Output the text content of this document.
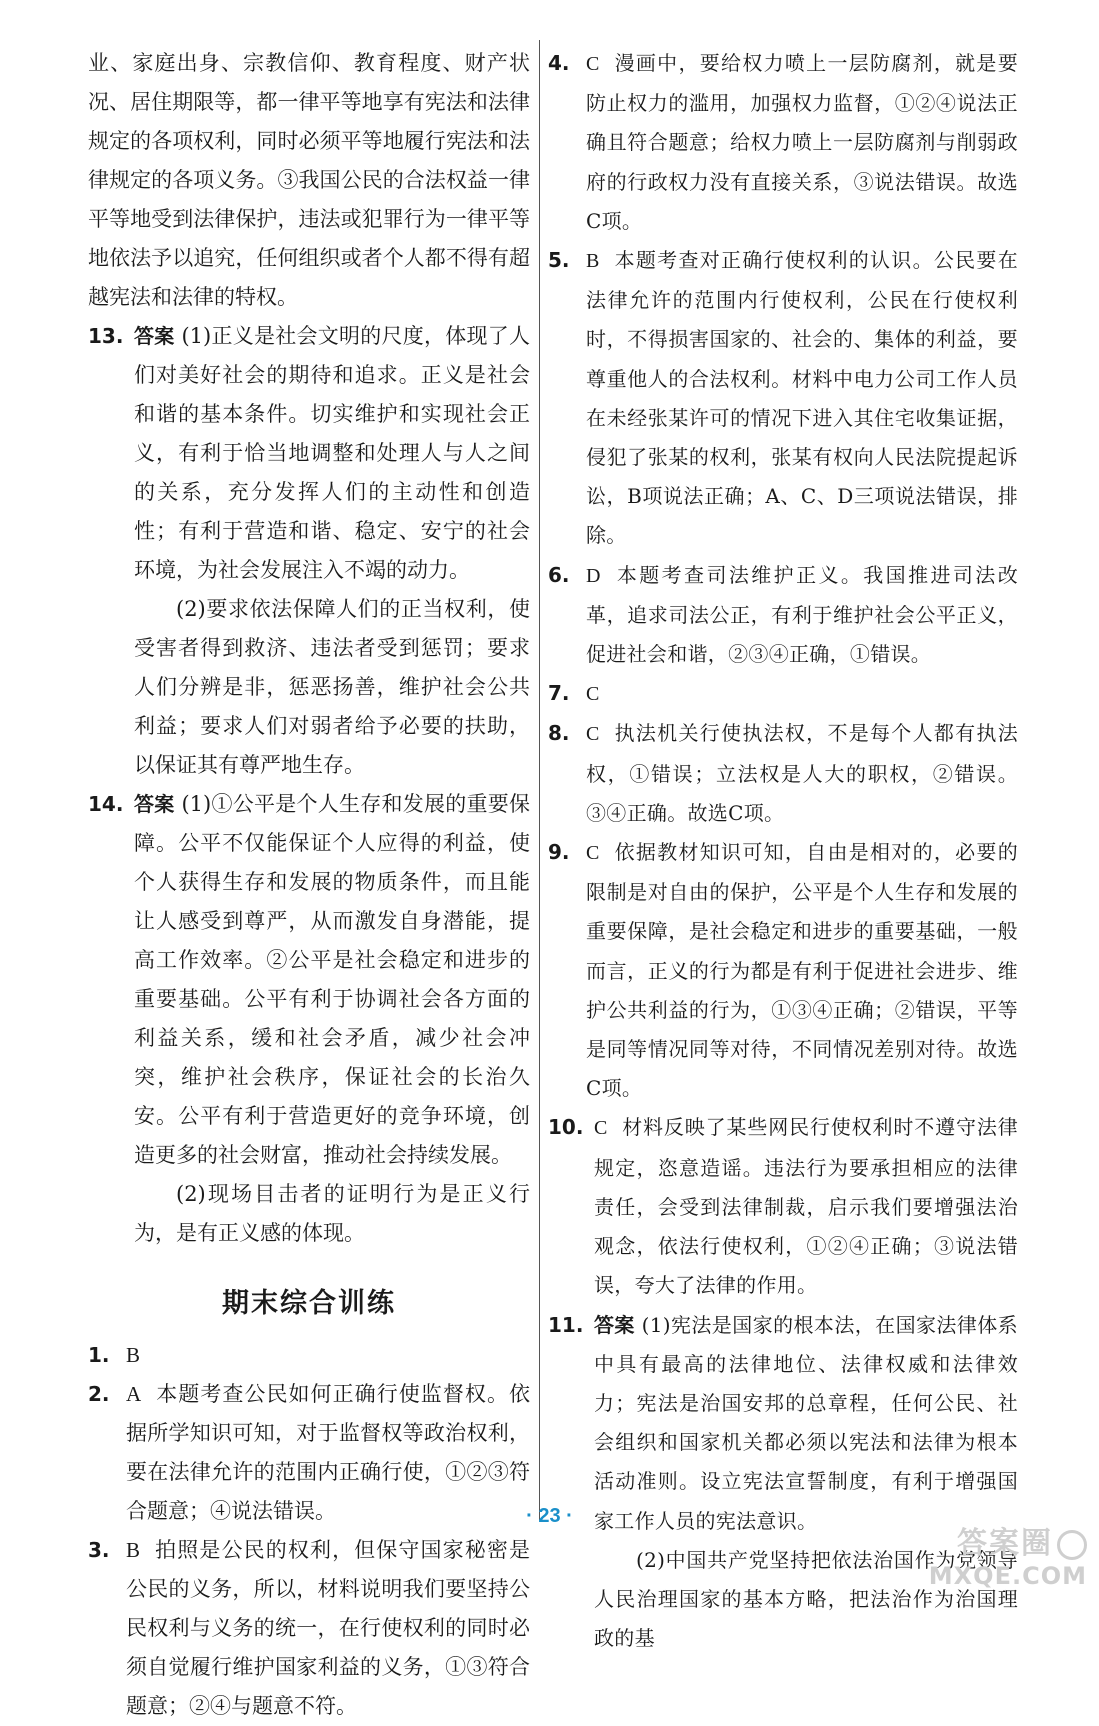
业、家庭出身、宗教信仰、教育程度、财产状况、居住期限等，都一律平等地享有宪法和法律规定的各项权利，同时必须平等地履行宪法和法律规定的各项义务。③我国公民的合法权益一律平等地受到法律保护，违法或犯罪行为一律平等地依法予以追究，任何组织或者个人都不得有超越宪法和法律的特权。

13. 答案 (1)正义是社会文明的尺度，体现了人们对美好社会的期待和追求。正义是社会和谐的基本条件。切实维护和实现社会正义，有利于恰当地调整和处理人与人之间的关系，充分发挥人们的主动性和创造性；有利于营造和谐、稳定、安宁的社会环境，为社会发展注入不竭的动力。

(2)要求依法保障人们的正当权利，使受害者得到救济、违法者受到惩罚；要求人们分辨是非，惩恶扬善，维护社会公共利益；要求人们对弱者给予必要的扶助，以保证其有尊严地生存。

14. 答案 (1)①公平是个人生存和发展的重要保障。公平不仅能保证个人应得的利益，使个人获得生存和发展的物质条件，而且能让人感受到尊严，从而激发自身潜能，提高工作效率。②公平是社会稳定和进步的重要基础。公平有利于协调社会各方面的利益关系，缓和社会矛盾，减少社会冲突，维护社会秩序，保证社会的长治久安。公平有利于营造更好的竞争环境，创造更多的社会财富，推动社会持续发展。

(2)现场目击者的证明行为是正义行为，是有正义感的体现。

期末综合训练
1. B

2. A 本题考查公民如何正确行使监督权。依据所学知识可知，对于监督权等政治权利，要在法律允许的范围内正确行使，①②③符合题意；④说法错误。

3. B 拍照是公民的权利，但保守国家秘密是公民的义务，所以，材料说明我们要坚持公民权利与义务的统一，在行使权利的同时必须自觉履行维护国家利益的义务，①③符合题意；②④与题意不符。

4. C 漫画中，要给权力喷上一层防腐剂，就是要防止权力的滥用，加强权力监督，①②④说法正确且符合题意；给权力喷上一层防腐剂与削弱政府的行政权力没有直接关系，③说法错误。故选C项。

5. B 本题考查对正确行使权利的认识。公民要在法律允许的范围内行使权利，公民在行使权利时，不得损害国家的、社会的、集体的利益，要尊重他人的合法权利。材料中电力公司工作人员在未经张某许可的情况下进入其住宅收集证据，侵犯了张某的权利，张某有权向人民法院提起诉讼，B项说法正确；A、C、D三项说法错误，排除。

6. D 本题考查司法维护正义。我国推进司法改革，追求司法公正，有利于维护社会公平正义，促进社会和谐，②③④正确，①错误。

7. C

8. C 执法机关行使执法权，不是每个人都有执法权，①错误；立法权是人大的职权，②错误。③④正确。故选C项。

9. C 依据教材知识可知，自由是相对的，必要的限制是对自由的保护，公平是个人生存和发展的重要保障，是社会稳定和进步的重要基础，一般而言，正义的行为都是有利于促进社会进步、维护公共利益的行为，①③④正确；②错误，平等是同等情况同等对待，不同情况差别对待。故选C项。

10. C 材料反映了某些网民行使权利时不遵守法律规定，恣意造谣。违法行为要承担相应的法律责任，会受到法律制裁，启示我们要增强法治观念，依法行使权利，①②④正确；③说法错误，夸大了法律的作用。

11. 答案 (1)宪法是国家的根本法，在国家法律体系中具有最高的法律地位、法律权威和法律效力；宪法是治国安邦的总章程，任何公民、社会组织和国家机关都必须以宪法和法律为根本活动准则。设立宪法宣誓制度，有利于增强国家工作人员的宪法意识。

(2)中国共产党坚持把依法治国作为党领导人民治理国家的基本方略，把法治作为治国理政的基

· 23 ·
答案圈
MXQE.COM
